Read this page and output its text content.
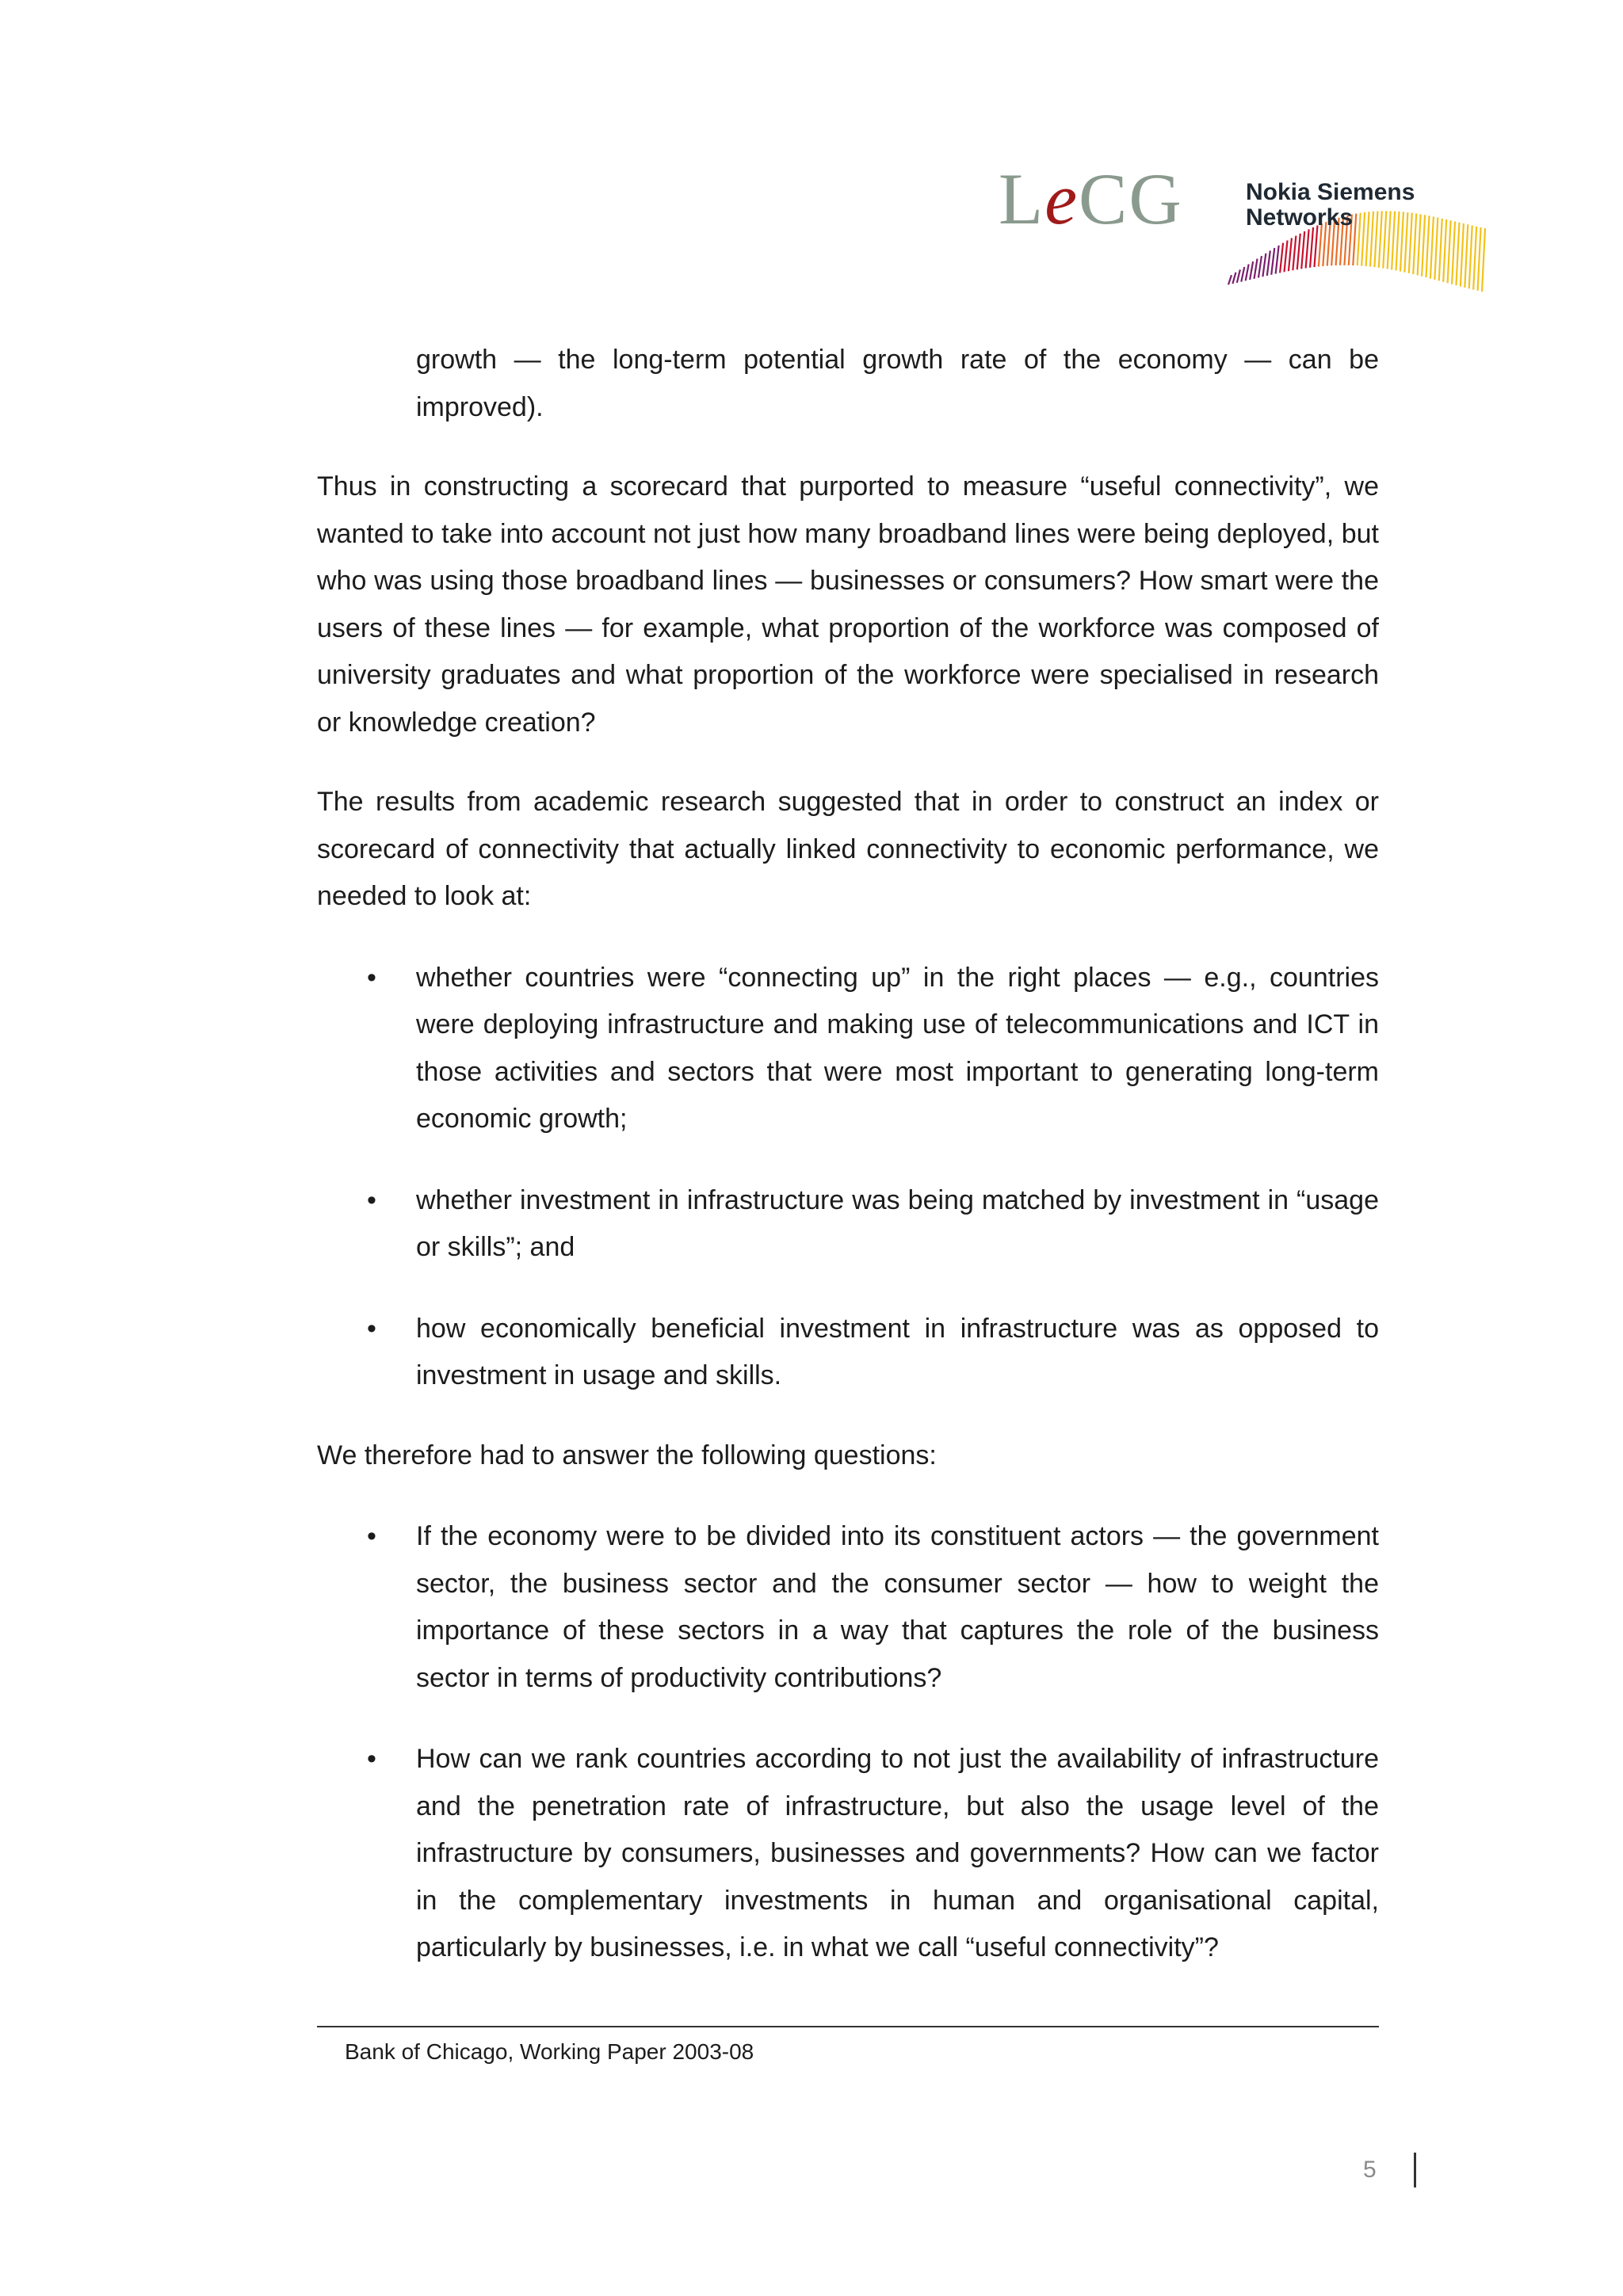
LeCG	Nokia Siemens
Networks

growth — the long-term potential growth rate of the economy — can be improved).

Thus in constructing a scorecard that purported to measure “useful connectivity”, we wanted to take into account not just how many broadband lines were being deployed, but who was using those broadband lines — businesses or consumers? How smart were the users of these lines — for example, what proportion of the workforce was composed of university graduates and what proportion of the workforce were specialised in research or knowledge creation?

The results from academic research suggested that in order to construct an index or scorecard of connectivity that actually linked connectivity to economic performance, we needed to look at:

• whether countries were “connecting up” in the right places — e.g., countries were deploying infrastructure and making use of telecommunications and ICT in those activities and sectors that were most important to generating long-term economic growth;
• whether investment in infrastructure was being matched by investment in “usage or skills”; and
• how economically beneficial investment in infrastructure was as opposed to investment in usage and skills.

We therefore had to answer the following questions:

• If the economy were to be divided into its constituent actors — the government sector, the business sector and the consumer sector — how to weight the importance of these sectors in a way that captures the role of the business sector in terms of productivity contributions?
• How can we rank countries according to not just the availability of infrastructure and the penetration rate of infrastructure, but also the usage level of the infrastructure by consumers, businesses and governments? How can we factor in the complementary investments in human and organisational capital, particularly by businesses, i.e. in what we call “useful connectivity”?
Bank of Chicago, Working Paper 2003-08
5
